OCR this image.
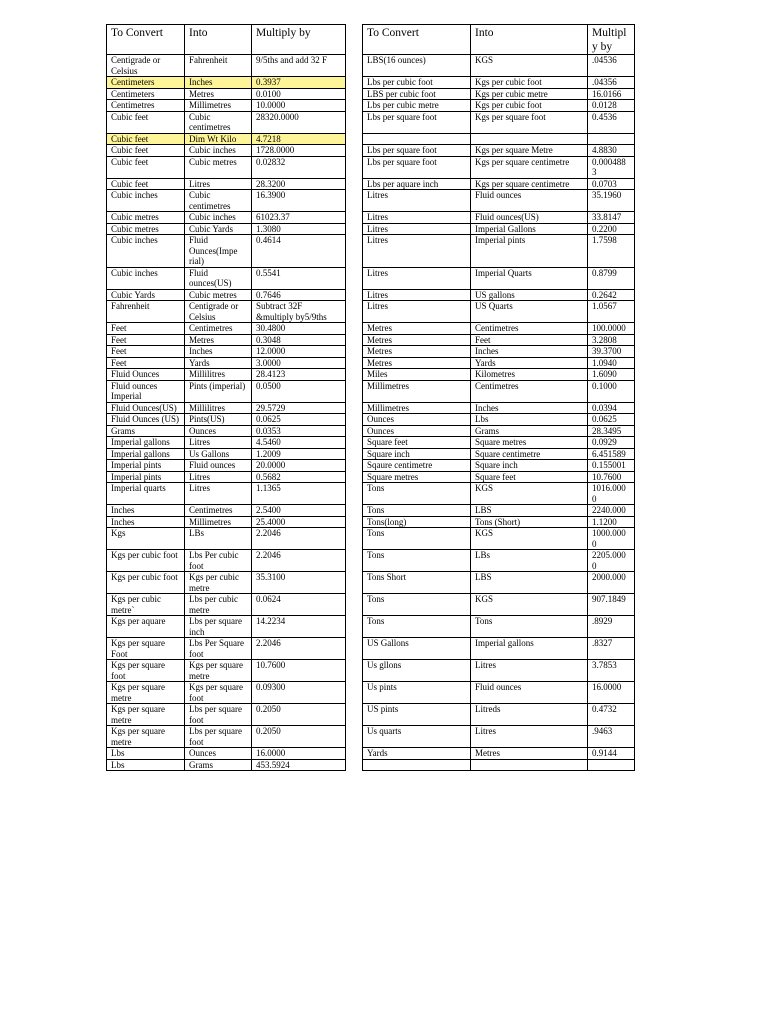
To Convert	Into	Multiply by		To Convert	Into	Multiply by
Centigrade or Celsius	Fahrenheit	9/5ths and add 32 F		LBS(16 ounces)	KGS	.04536
Centimeters	Inches	0.3937		Lbs per cubic foot	Kgs per cubic foot	.04356
Centimeters	Metres	0.0100		LBS per cubic foot	Kgs per cubic metre	16.0166
Centimetres	Millimetres	10.0000		Lbs per cubic metre	Kgs per cubic foot	0.0128
Cubic feet	Cubic centimetres	28320.0000		Lbs per square foot	Kgs per square foot	0.4536
Cubic feet	Dim Wt Kilo	4.7218				
Cubic feet	Cubic inches	1728.0000		Lbs per square foot	Kgs per square Metre	4.8830
Cubic feet	Cubic metres	0.02832		Lbs per square foot	Kgs per square centimetre	0.0004883
Cubic feet	Litres	28.3200		Lbs per aquare inch	Kgs per square centimetre	0.0703
Cubic inches	Cubic centimetres	16.3900		Litres	Fluid ounces	35.1960
Cubic metres	Cubic inches	61023.37		Litres	Fluid ounces(US)	33.8147
Cubic metres	Cubic Yards	1.3080		Litres	Imperial Gallons	0.2200
Cubic inches	Fluid Ounces(Impe rial)	0.4614		Litres	Imperial pints	1.7598
Cubic inches	Fluid ounces(US)	0.5541		Litres	Imperial Quarts	0.8799
Cubic Yards	Cubic metres	0.7646		Litres	US gallons	0.2642
Fahrenheit	Centigrade or Celsius	Subtract 32F &multiply by5/9ths		Litres	US Quarts	1.0567
Feet	Centimetres	30.4800		Metres	Centimetres	100.0000
Feet	Metres	0.3048		Metres	Feet	3.2808
Feet	Inches	12.0000		Metres	Inches	39.3700
Feet	Yards	3.0000		Metres	Yards	1.0940
Fluid Ounces	Millilitres	28.4123		Miles	Kilometres	1.6090
Fluid ounces Imperial	Pints (imperial)	0.0500		Millimetres	Centimetres	0.1000
Fluid Ounces(US)	Millilitres	29.5729		Millimetres	Inches	0.0394
Fluid Ounces (US)	Pints(US)	0.0625		Ounces	Lbs	0.0625
Grams	Ounces	0.0353		Ounces	Grams	28.3495
Imperial gallons	Litres	4.5460		Square feet	Square metres	0.0929
Imperial gallons	Us Gallons	1.2009		Square inch	Square centimetre	6.451589
Imperial pints	Fluid ounces	20.0000		Sqaure centimetre	Square inch	0.155001
Imperial pints	Litres	0.5682		Square metres	Square feet	10.7600
Imperial quarts	Litres	1.1365		Tons	KGS	1016.0000
Inches	Centimetres	2.5400		Tons	LBS	2240.000
Inches	Millimetres	25.4000		Tons(long)	Tons (Short)	1.1200
Kgs	LBs	2.2046		Tons	KGS	1000.0000
Kgs per cubic foot	Lbs Per cubic foot	2.2046		Tons	LBs	2205.0000
Kgs per cubic foot	Kgs per cubic metre	35.3100		Tons Short	LBS	2000.000
Kgs per cubic metre`	Lbs per cubic metre	0.0624		Tons	KGS	907.1849
Kgs per aquare	Lbs per square inch	14.2234		Tons	Tons	.8929
Kgs per square Foot	Lbs Per Square foot	2.2046		US Gallons	Imperial gallons	.8327
Kgs per square foot	Kgs per square metre	10.7600		Us gllons	Litres	3.7853
Kgs per square metre	Kgs per square foot	0.09300		Us pints	Fluid ounces	16.0000
Kgs per square metre	Lbs per square foot	0.2050		US pints	Litreds	0.4732
Kgs per square metre	Lbs per square foot	0.2050		Us quarts	Litres	.9463
Lbs	Ounces	16.0000		Yards	Metres	0.9144
Lbs	Grams	453.5924				
